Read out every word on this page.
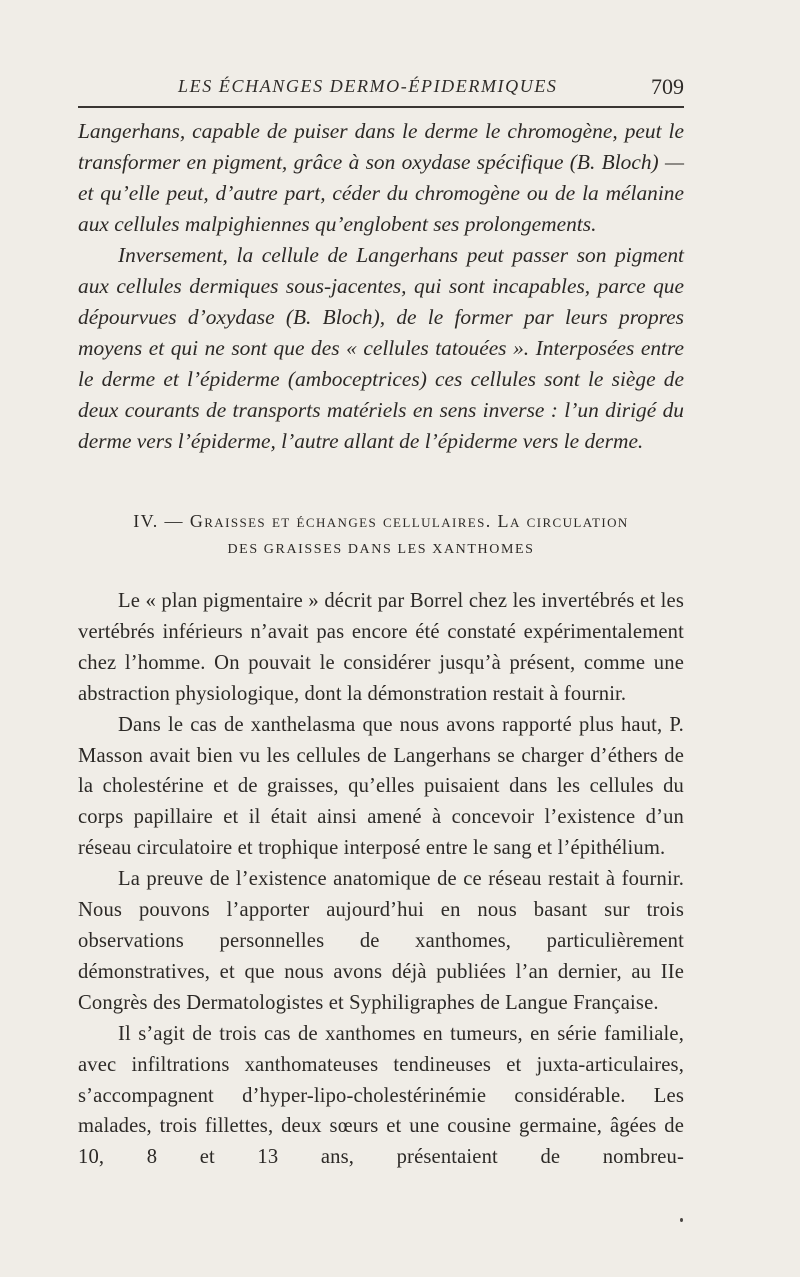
LES ÉCHANGES DERMO-ÉPIDERMIQUES	709

Langerhans, capable de puiser dans le derme le chromogène, peut le transformer en pigment, grâce à son oxydase spécifique (B. Bloch) — et qu’elle peut, d’autre part, céder du chromogène ou de la mélanine aux cellules malpighiennes qu’englobent ses prolongements.

Inversement, la cellule de Langerhans peut passer son pigment aux cellules dermiques sous-jacentes, qui sont incapables, parce que dépourvues d’oxydase (B. Bloch), de le former par leurs propres moyens et qui ne sont que des « cellules tatouées ». Interposées entre le derme et l’épiderme (amboceptrices) ces cellules sont le siège de deux courants de transports matériels en sens inverse : l’un dirigé du derme vers l’épiderme, l’autre allant de l’épiderme vers le derme.

IV. — Graisses et échanges cellulaires. La circulation
DES GRAISSES DANS LES XANTHOMES

Le « plan pigmentaire » décrit par Borrel chez les invertébrés et les vertébrés inférieurs n’avait pas encore été constaté expérimentalement chez l’homme. On pouvait le considérer jusqu’à présent, comme une abstraction physiologique, dont la démonstration restait à fournir.

Dans le cas de xanthelasma que nous avons rapporté plus haut, P. Masson avait bien vu les cellules de Langerhans se charger d’éthers de la cholestérine et de graisses, qu’elles puisaient dans les cellules du corps papillaire et il était ainsi amené à concevoir l’existence d’un réseau circulatoire et trophique interposé entre le sang et l’épithélium.

La preuve de l’existence anatomique de ce réseau restait à fournir. Nous pouvons l’apporter aujourd’hui en nous basant sur trois observations personnelles de xanthomes, particulièrement démonstratives, et que nous avons déjà publiées l’an dernier, au IIe Congrès des Dermatologistes et Syphiligraphes de Langue Française.

Il s’agit de trois cas de xanthomes en tumeurs, en série familiale, avec infiltrations xanthomateuses tendineuses et juxta-articulaires, s’accompagnent d’hyper-lipo-cholestérinémie considérable. Les malades, trois fillettes, deux sœurs et une cousine germaine, âgées de 10, 8 et 13 ans, présentaient de nombreu-
